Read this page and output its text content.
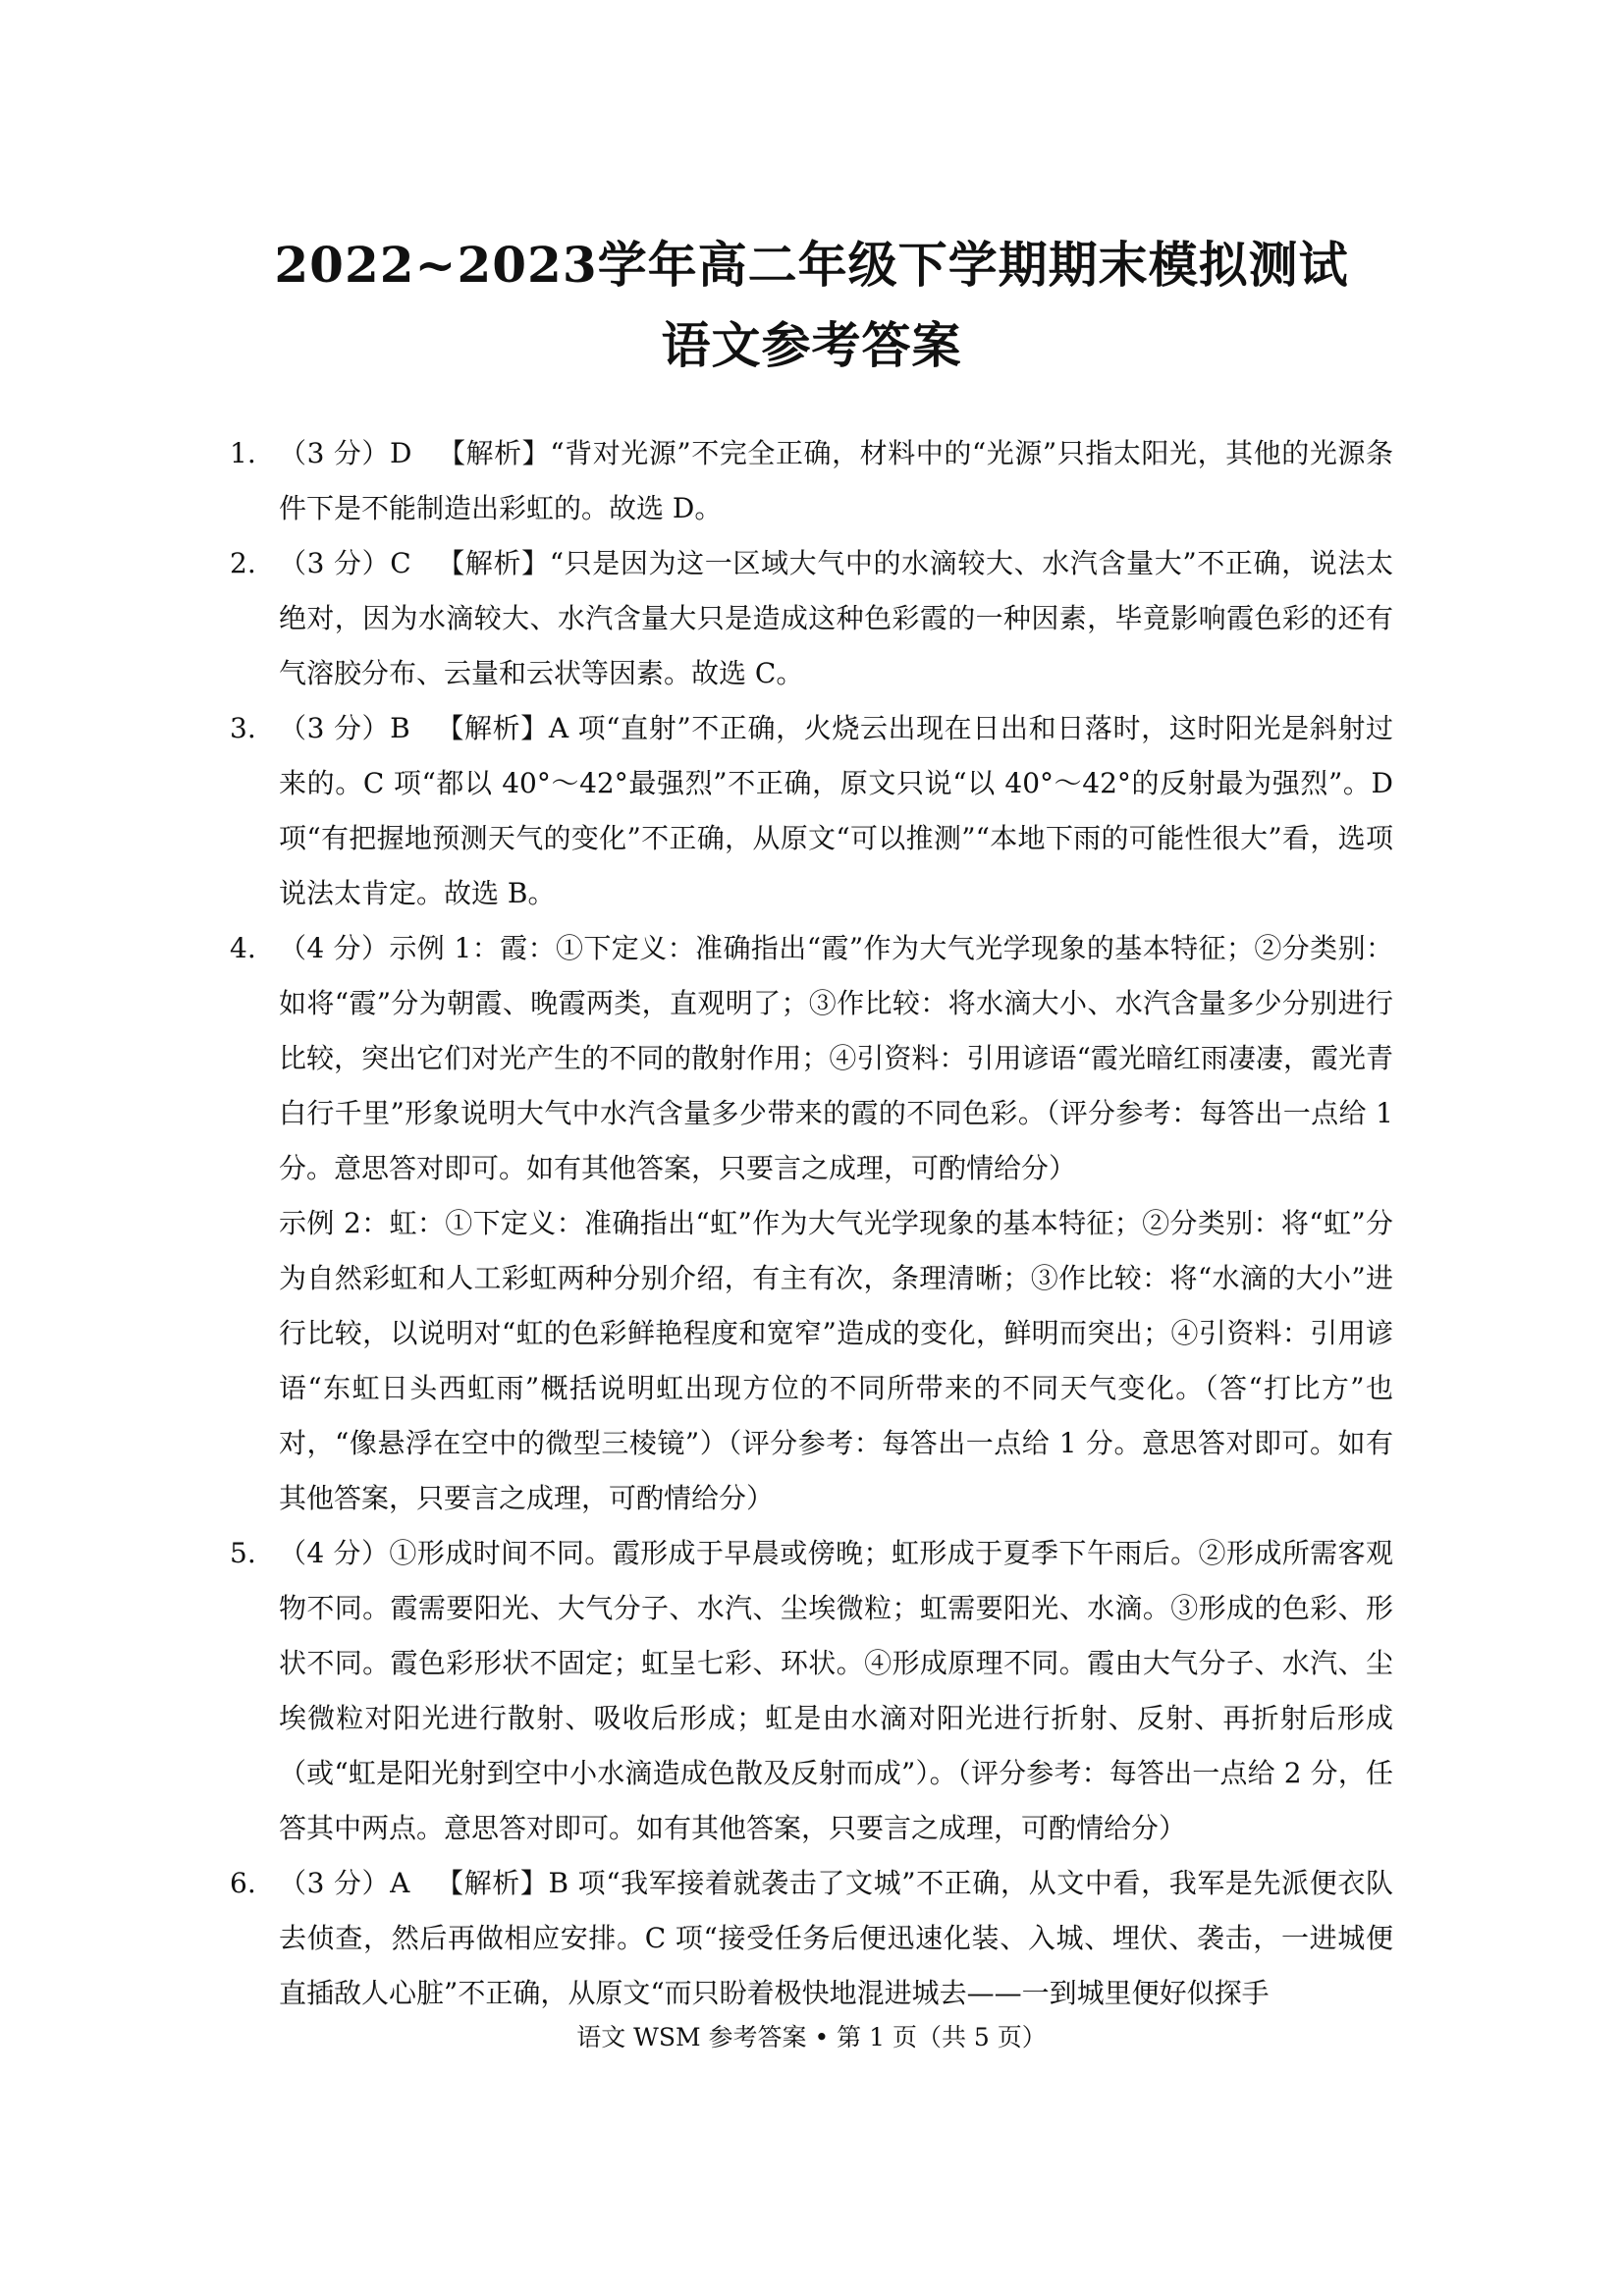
2022~2023学年高二年级下学期期末模拟测试
语文参考答案
1. （3 分）D 【解析】“背对光源”不完全正确，材料中的“光源”只指太阳光，其他的光源条件下是不能制造出彩虹的。故选 D。
2. （3 分）C 【解析】“只是因为这一区域大气中的水滴较大、水汽含量大”不正确，说法太绝对，因为水滴较大、水汽含量大只是造成这种色彩霞的一种因素，毕竟影响霞色彩的还有气溶胶分布、云量和云状等因素。故选 C。
3. （3 分）B 【解析】A 项“直射”不正确，火烧云出现在日出和日落时，这时阳光是斜射过来的。C 项“都以 40°～42°最强烈”不正确，原文只说“以 40°～42°的反射最为强烈”。D 项“有把握地预测天气的变化”不正确，从原文“可以推测”“本地下雨的可能性很大”看，选项说法太肯定。故选 B。
4. （4 分）示例 1：霞：①下定义：准确指出“霞”作为大气光学现象的基本特征；②分类别：如将“霞”分为朝霞、晚霞两类，直观明了；③作比较：将水滴大小、水汽含量多少分别进行比较，突出它们对光产生的不同的散射作用；④引资料：引用谚语“霞光暗红雨凄凄，霞光青白行千里”形象说明大气中水汽含量多少带来的霞的不同色彩。（评分参考：每答出一点给 1 分。意思答对即可。如有其他答案，只要言之成理，可酌情给分）
示例 2：虹：①下定义：准确指出“虹”作为大气光学现象的基本特征；②分类别：将“虹”分为自然彩虹和人工彩虹两种分别介绍，有主有次，条理清晰；③作比较：将“水滴的大小”进行比较，以说明对“虹的色彩鲜艳程度和宽窄”造成的变化，鲜明而突出；④引资料：引用谚语“东虹日头西虹雨”概括说明虹出现方位的不同所带来的不同天气变化。（答“打比方”也对，“像悬浮在空中的微型三棱镜”）（评分参考：每答出一点给 1 分。意思答对即可。如有其他答案，只要言之成理，可酌情给分）
5. （4 分）①形成时间不同。霞形成于早晨或傍晚；虹形成于夏季下午雨后。②形成所需客观物不同。霞需要阳光、大气分子、水汽、尘埃微粒；虹需要阳光、水滴。③形成的色彩、形状不同。霞色彩形状不固定；虹呈七彩、环状。④形成原理不同。霞由大气分子、水汽、尘埃微粒对阳光进行散射、吸收后形成；虹是由水滴对阳光进行折射、反射、再折射后形成（或“虹是阳光射到空中小水滴造成色散及反射而成”）。（评分参考：每答出一点给 2 分，任答其中两点。意思答对即可。如有其他答案，只要言之成理，可酌情给分）
6. （3 分）A 【解析】B 项“我军接着就袭击了文城”不正确，从文中看，我军是先派便衣队去侦查，然后再做相应安排。C 项“接受任务后便迅速化装、入城、埋伏、袭击，一进城便直插敌人心脏”不正确，从原文“而只盼着极快地混进城去——一到城里便好似探手
语文 WSM 参考答案 • 第 1 页（共 5 页）
